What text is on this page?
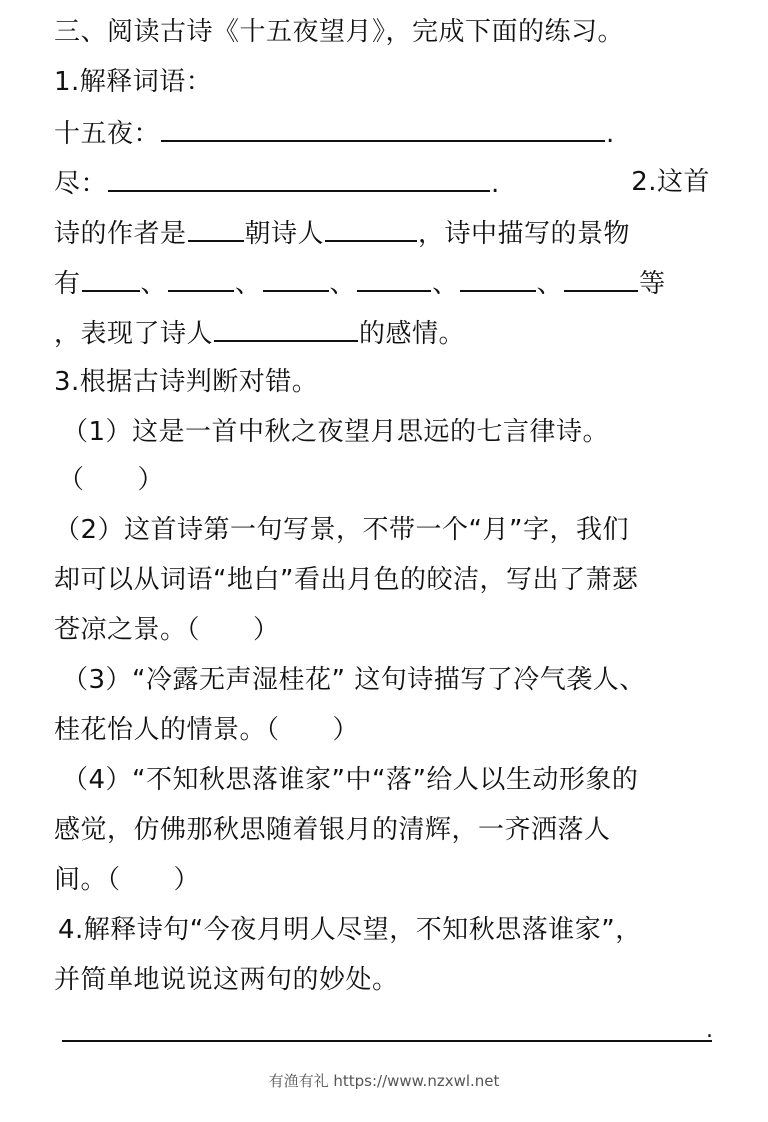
三、阅读古诗《十五夜望月》，完成下面的练习。
1.解释词语：
十五夜：	.
尽：	.	2.这首
诗的作者是 朝诗人	，诗中描写的景物
有 、	、	、	、	、	等
，表现了诗人	的感情。
3.根据古诗判断对错。
（1）这是一首中秋之夜望月思远的七言律诗。
（　　）
（2）这首诗第一句写景，不带一个“月”字，我们
却可以从词语“地白”看出月色的皎洁，写出了萧瑟
苍凉之景。（　　）
（3）“冷露无声湿桂花” 这句诗描写了冷气袭人、
桂花怡人的情景。（　　）
（4）“不知秋思落谁家”中“落”给人以生动形象的
感觉，仿佛那秋思随着银月的清辉，一齐洒落人
间。（　　）
4.解释诗句“今夜月明人尽望，不知秋思落谁家”，
并简单地说说这两句的妙处。
.
有渔有礼 https://www.nzxwl.net
